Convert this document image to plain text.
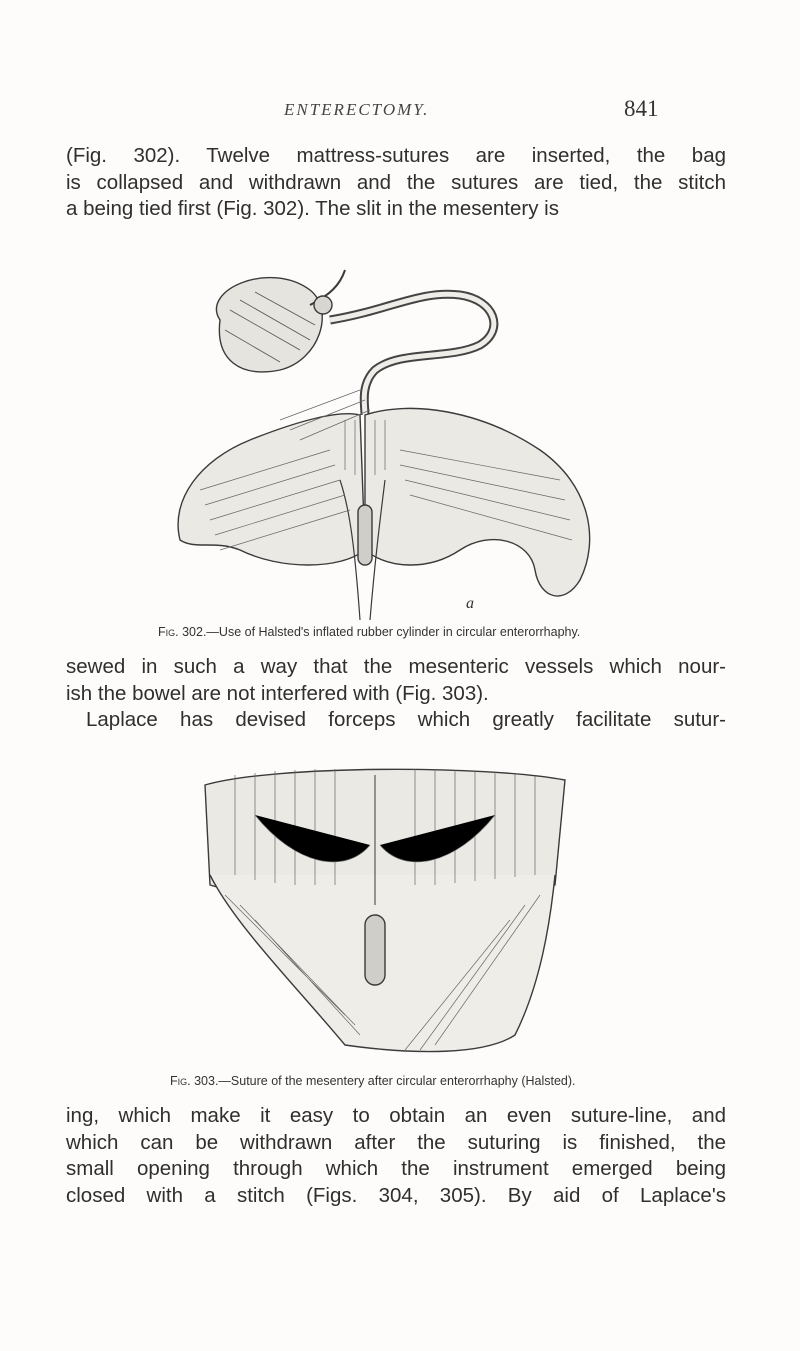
ENTERECTOMY.	841
(Fig. 302). Twelve mattress-sutures are inserted, the bag
is collapsed and withdrawn and the sutures are tied, the stitch
a being tied first (Fig. 302). The slit in the mesentery is
a
Fig. 302.—Use of Halsted's inflated rubber cylinder in circular enterorrhaphy.
sewed in such a way that the mesenteric vessels which nour-
ish the bowel are not interfered with (Fig. 303).
Laplace has devised forceps which greatly facilitate sutur-
Fig. 303.—Suture of the mesentery after circular enterorrhaphy (Halsted).
ing, which make it easy to obtain an even suture-line, and
which can be withdrawn after the suturing is finished, the
small opening through which the instrument emerged being
closed with a stitch (Figs. 304, 305). By aid of Laplace's
